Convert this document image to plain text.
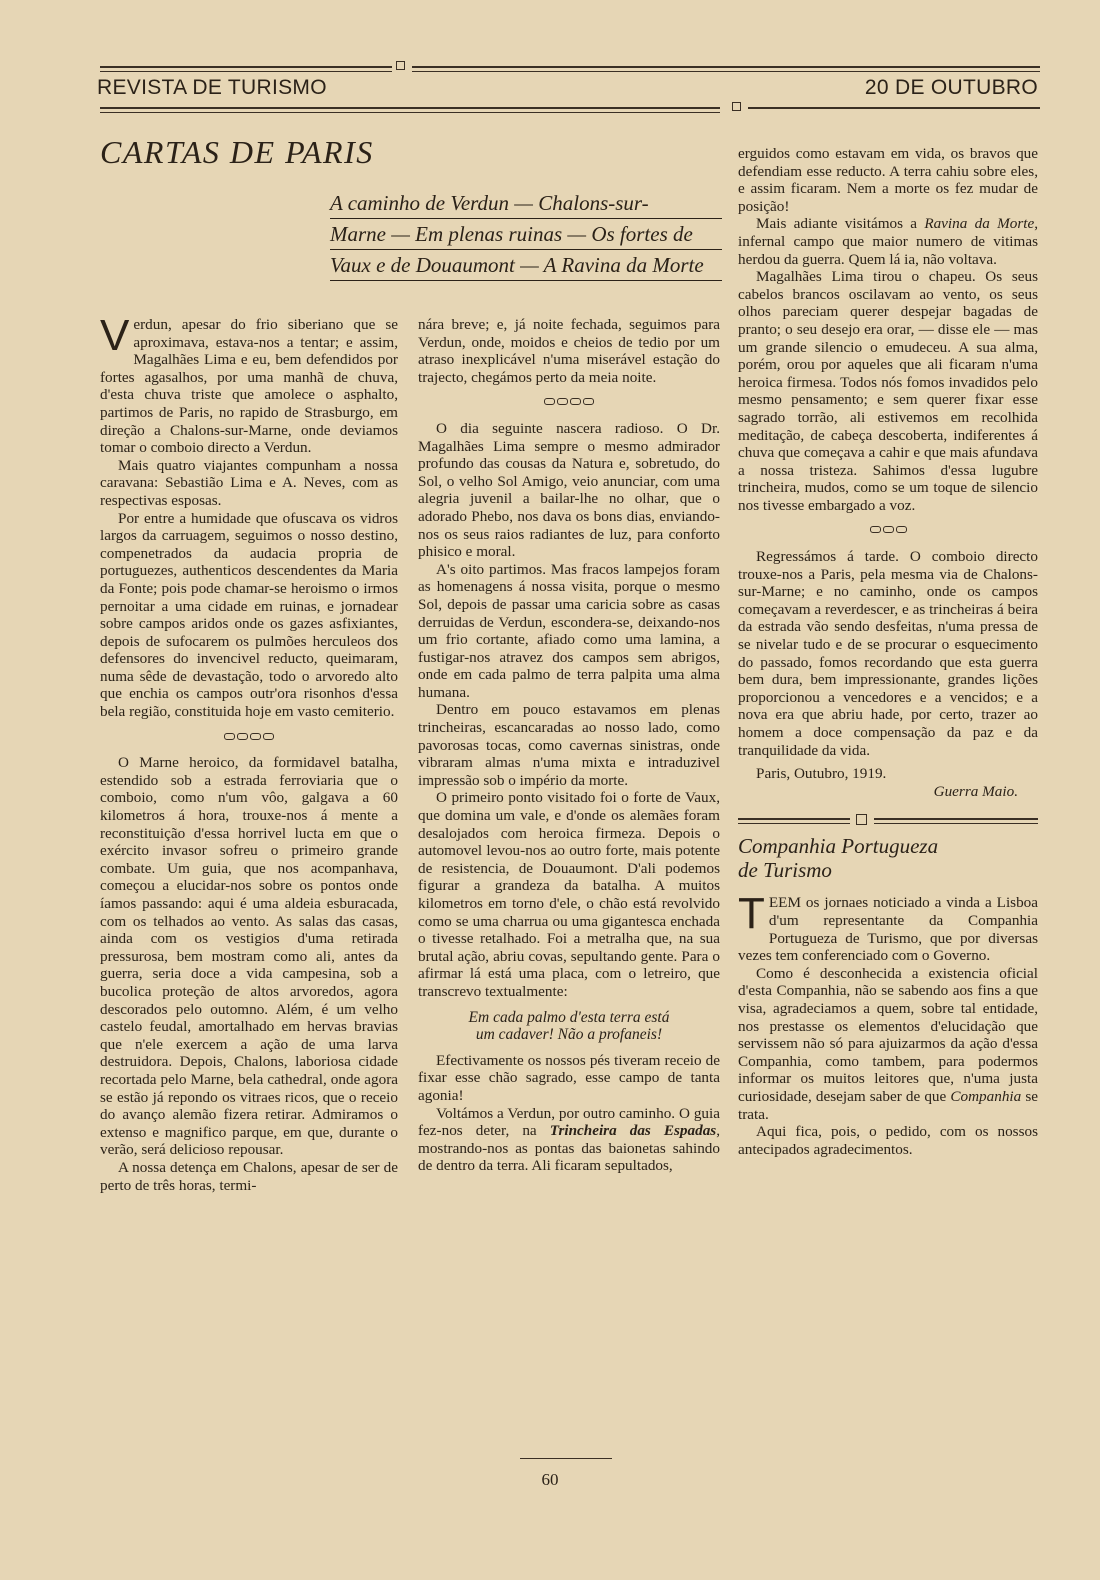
REVISTA DE TURISMO	20 DE OUTUBRO
CARTAS DE PARIS
A caminho de Verdun — Chalons-sur-
Marne — Em plenas ruinas — Os fortes de
Vaux e de Douaumont — A Ravina da Morte

Verdun, apesar do frio siberiano que se aproximava, estava-nos a tentar; e assim, Magalhães Lima e eu, bem defendidos por fortes agasalhos, por uma manhã de chuva, d'esta chuva triste que amolece o asphalto, partimos de Paris, no rapido de Strasburgo, em direção a Chalons-sur-Marne, onde deviamos tomar o comboio directo a Verdun.

Mais quatro viajantes compunham a nossa caravana: Sebastião Lima e A. Neves, com as respectivas esposas.

Por entre a humidade que ofuscava os vidros largos da carruagem, seguimos o nosso destino, compenetrados da audacia propria de portuguezes, authenticos descendentes da Maria da Fonte; pois pode chamar-se heroismo o irmos pernoitar a uma cidade em ruinas, e jornadear sobre campos aridos onde os gazes asfixiantes, depois de sufocarem os pulmões herculeos dos defensores do invencivel reducto, queimaram, numa sêde de devastação, todo o arvoredo alto que enchia os campos outr'ora risonhos d'essa bela região, constituida hoje em vasto cemiterio.

O Marne heroico, da formidavel batalha, estendido sob a estrada ferroviaria que o comboio, como n'um vôo, galgava a 60 kilometros á hora, trouxe-nos á mente a reconstituição d'essa horrivel lucta em que o exército invasor sofreu o primeiro grande combate. Um guia, que nos acompanhava, começou a elucidar-nos sobre os pontos onde íamos passando: aqui é uma aldeia esburacada, com os telhados ao vento. As salas das casas, ainda com os vestigios d'uma retirada pressurosa, bem mostram como ali, antes da guerra, seria doce a vida campesina, sob a bucolica proteção de altos arvoredos, agora descorados pelo outomno. Além, é um velho castelo feudal, amortalhado em hervas bravias que n'ele exercem a ação de uma larva destruidora. Depois, Chalons, laboriosa cidade recortada pelo Marne, bela cathedral, onde agora se estão já repondo os vitraes ricos, que o receio do avanço alemão fizera retirar. Admiramos o extenso e magnifico parque, em que, durante o verão, será delicioso repousar.

A nossa detença em Chalons, apesar de ser de perto de três horas, termi-

nára breve; e, já noite fechada, seguimos para Verdun, onde, moidos e cheios de tedio por um atraso inexplicável n'uma miserável estação do trajecto, chegámos perto da meia noite.

O dia seguinte nascera radioso. O Dr. Magalhães Lima sempre o mesmo admirador profundo das cousas da Natura e, sobretudo, do Sol, o velho Sol Amigo, veio anunciar, com uma alegria juvenil a bailar-lhe no olhar, que o adorado Phebo, nos dava os bons dias, enviando-nos os seus raios radiantes de luz, para conforto phisico e moral.

A's oito partimos. Mas fracos lampejos foram as homenagens á nossa visita, porque o mesmo Sol, depois de passar uma caricia sobre as casas derruidas de Verdun, escondera-se, deixando-nos um frio cortante, afiado como uma lamina, a fustigar-nos atravez dos campos sem abrigos, onde em cada palmo de terra palpita uma alma humana.

Dentro em pouco estavamos em plenas trincheiras, escancaradas ao nosso lado, como pavorosas tocas, como cavernas sinistras, onde vibraram almas n'uma mixta e intraduzivel impressão sob o império da morte.

O primeiro ponto visitado foi o forte de Vaux, que domina um vale, e d'onde os alemães foram desalojados com heroica firmeza. Depois o automovel levou-nos ao outro forte, mais potente de resistencia, de Douaumont. D'ali podemos figurar a grandeza da batalha. A muitos kilometros em torno d'ele, o chão está revolvido como se uma charrua ou uma gigantesca enchada o tivesse retalhado. Foi a metralha que, na sua brutal ação, abriu covas, sepultando gente. Para o afirmar lá está uma placa, com o letreiro, que transcrevo textualmente:

Em cada palmo d'esta terra está
um cadaver! Não a profaneis!

Efectivamente os nossos pés tiveram receio de fixar esse chão sagrado, esse campo de tanta agonia!

Voltámos a Verdun, por outro caminho. O guia fez-nos deter, na Trincheira das Espadas, mostrando-nos as pontas das baionetas sahindo de dentro da terra. Ali ficaram sepultados,

erguidos como estavam em vida, os bravos que defendiam esse reducto. A terra cahiu sobre eles, e assim ficaram. Nem a morte os fez mudar de posição!

Mais adiante visitámos a Ravina da Morte, infernal campo que maior numero de vitimas herdou da guerra. Quem lá ia, não voltava.

Magalhães Lima tirou o chapeu. Os seus cabelos brancos oscilavam ao vento, os seus olhos pareciam querer despejar bagadas de pranto; o seu desejo era orar, — disse ele — mas um grande silencio o emudeceu. A sua alma, porém, orou por aqueles que ali ficaram n'uma heroica firmesa. Todos nós fomos invadidos pelo mesmo pensamento; e sem querer fixar esse sagrado torrão, ali estivemos em recolhida meditação, de cabeça descoberta, indiferentes á chuva que começava a cahir e que mais afundava a nossa tristeza. Sahimos d'essa lugubre trincheira, mudos, como se um toque de silencio nos tivesse embargado a voz.

Regressámos á tarde. O comboio directo trouxe-nos a Paris, pela mesma via de Chalons-sur-Marne; e no caminho, onde os campos começavam a reverdescer, e as trincheiras á beira da estrada vão sendo desfeitas, n'uma pressa de se nivelar tudo e de se procurar o esquecimento do passado, fomos recordando que esta guerra bem dura, bem impressionante, grandes lições proporcionou a vencedores e a vencidos; e a nova era que abriu hade, por certo, trazer ao homem a doce compensação da paz e da tranquilidade da vida.

Paris, Outubro, 1919.

Guerra Maio.
Companhia Portugueza
de Turismo

TEEM os jornaes noticiado a vinda a Lisboa d'um representante da Companhia Portugueza de Turismo, que por diversas vezes tem conferenciado com o Governo.

Como é desconhecida a existencia oficial d'esta Companhia, não se sabendo aos fins a que visa, agradeciamos a quem, sobre tal entidade, nos prestasse os elementos d'elucidação que servissem não só para ajuizarmos da ação d'essa Companhia, como tambem, para podermos informar os muitos leitores que, n'uma justa curiosidade, desejam saber de que Companhia se trata.

Aqui fica, pois, o pedido, com os nossos antecipados agradecimentos.

60
